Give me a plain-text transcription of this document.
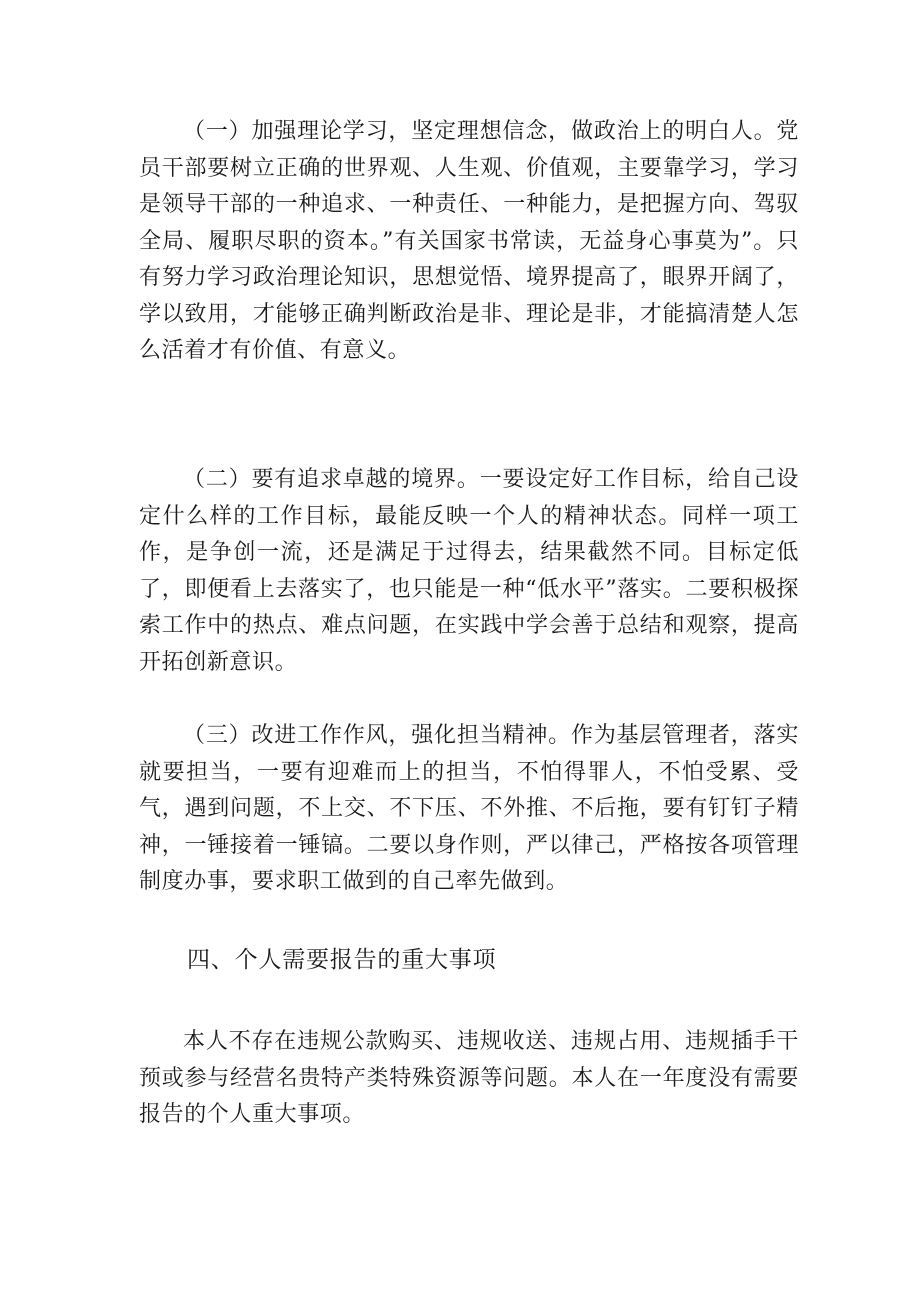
（一）加强理论学习，坚定理想信念，做政治上的明白人。党员干部要树立正确的世界观、人生观、价值观，主要靠学习，学习是领导干部的一种追求、一种责任、一种能力，是把握方向、驾驭全局、履职尽职的资本。”有关国家书常读，无益身心事莫为”。只有努力学习政治理论知识，思想觉悟、境界提高了，眼界开阔了，学以致用，才能够正确判断政治是非、理论是非，才能搞清楚人怎么活着才有价值、有意义。

（二）要有追求卓越的境界。一要设定好工作目标，给自己设定什么样的工作目标，最能反映一个人的精神状态。同样一项工作，是争创一流，还是满足于过得去，结果截然不同。目标定低了，即便看上去落实了，也只能是一种“低水平”落实。二要积极探索工作中的热点、难点问题，在实践中学会善于总结和观察，提高开拓创新意识。

（三）改进工作作风，强化担当精神。作为基层管理者，落实就要担当，一要有迎难而上的担当，不怕得罪人，不怕受累、受气，遇到问题，不上交、不下压、不外推、不后拖，要有钉钉子精神，一锤接着一锤镐。二要以身作则，严以律己，严格按各项管理制度办事，要求职工做到的自己率先做到。

四、个人需要报告的重大事项

本人不存在违规公款购买、违规收送、违规占用、违规插手干预或参与经营名贵特产类特殊资源等问题。本人在一年度没有需要报告的个人重大事项。
